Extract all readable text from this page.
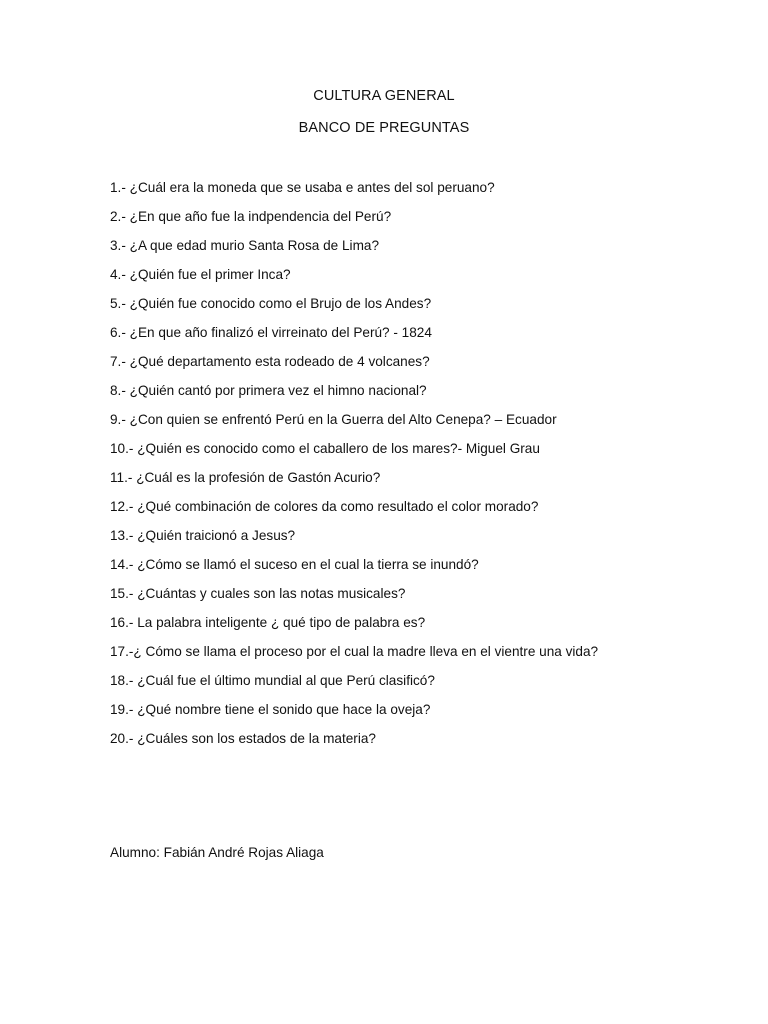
CULTURA GENERAL
BANCO DE PREGUNTAS
1.- ¿Cuál era la moneda que se usaba e antes del sol peruano?
2.- ¿En que año fue la indpendencia del Perú?
3.- ¿A que edad murio Santa Rosa de Lima?
4.- ¿Quién fue el primer Inca?
5.- ¿Quién fue conocido como el Brujo de los Andes?
6.- ¿En que año finalizó el virreinato del Perú? - 1824
7.- ¿Qué departamento esta rodeado de 4 volcanes?
8.- ¿Quién cantó por primera vez el himno nacional?
9.- ¿Con quien se enfrentó Perú en la Guerra del Alto Cenepa? – Ecuador
10.- ¿Quién es conocido como el caballero de los mares?- Miguel Grau
11.- ¿Cuál es la profesión de Gastón Acurio?
12.- ¿Qué combinación de colores da como resultado el color morado?
13.- ¿Quién traicionó a Jesus?
14.- ¿Cómo se llamó el suceso en el cual la tierra se inundó?
15.- ¿Cuántas y cuales son las notas musicales?
16.- La palabra inteligente ¿ qué tipo de palabra es?
17.-¿ Cómo se llama el proceso por el cual la madre lleva en el vientre una vida?
18.- ¿Cuál fue el último mundial al que Perú clasificó?
19.- ¿Qué nombre tiene el sonido que hace la oveja?
20.- ¿Cuáles son los estados de la materia?
Alumno: Fabián André Rojas Aliaga
